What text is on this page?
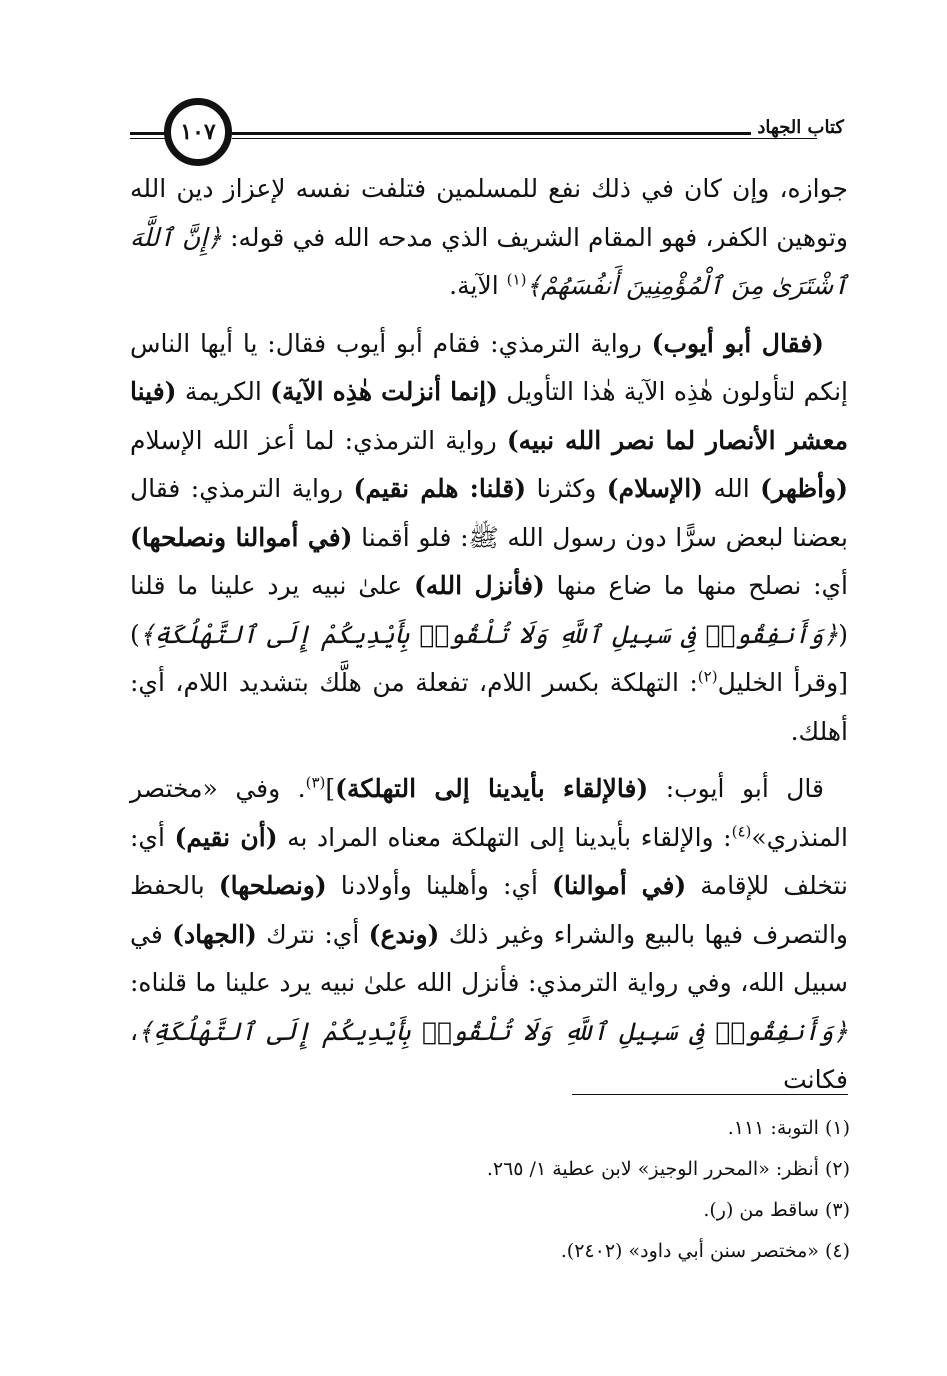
١٠٧	كتاب الجهاد

جوازه، وإن كان في ذلك نفع للمسلمين فتلفت نفسه لإعزاز دين الله وتوهين الكفر، فهو المقام الشريف الذي مدحه الله في قوله: ﴿إِنَّ ٱللَّهَ ٱشْتَرَىٰ مِنَ ٱلْمُؤْمِنِينَ أَنفُسَهُمْ﴾$^{(١)}$ الآية.

(فقال أبو أيوب) رواية الترمذي: فقام أبو أيوب فقال: يا أيها الناس إنكم لتأولون هٰذِه الآية هٰذا التأويل (إنما أنزلت هٰذِه الآية) الكريمة (فينا معشر الأنصار لما نصر الله نبيه) رواية الترمذي: لما أعز الله الإسلام (وأظهر) الله (الإسلام) وكثرنا (قلنا: هلم نقيم) رواية الترمذي: فقال بعضنا لبعض سرًّا دون رسول الله ﷺ: فلو أقمنا (في أموالنا ونصلحها) أي: نصلح منها ما ضاع منها (فأنزل الله) علىٰ نبيه يرد علينا ما قلنا (﴿وَأَنفِقُوا۟ فِى سَبِيلِ ٱللَّهِ وَلَا تُلْقُوا۟ بِأَيْدِيكُمْ إِلَى ٱلتَّهْلُكَةِ﴾) [وقرأ الخليل$^{(٢)}$: التهلكة بكسر اللام، تفعلة من هلَّك بتشديد اللام، أي: أهلك.

قال أبو أيوب: (فالإلقاء بأيدينا إلى التهلكة)]$^{(٣)}$. وفي «مختصر المنذري»$^{(٤)}$: والإلقاء بأيدينا إلى التهلكة معناه المراد به (أن نقيم) أي: نتخلف للإقامة (في أموالنا) أي: وأهلينا وأولادنا (ونصلحها) بالحفظ والتصرف فيها بالبيع والشراء وغير ذلك (وندع) أي: نترك (الجهاد) في سبيل الله، وفي رواية الترمذي: فأنزل الله علىٰ نبيه يرد علينا ما قلناه: ﴿وَأَنفِقُوا۟ فِى سَبِيلِ ٱللَّهِ وَلَا تُلْقُوا۟ بِأَيْدِيكُمْ إِلَى ٱلتَّهْلُكَةِ﴾، فكانت

(١) التوبة: ١١١.
(٢) أنظر: «المحرر الوجيز» لابن عطية ١/ ٢٦٥.
(٣) ساقط من (ر).
(٤) «مختصر سنن أبي داود» (٢٤٠٢).
